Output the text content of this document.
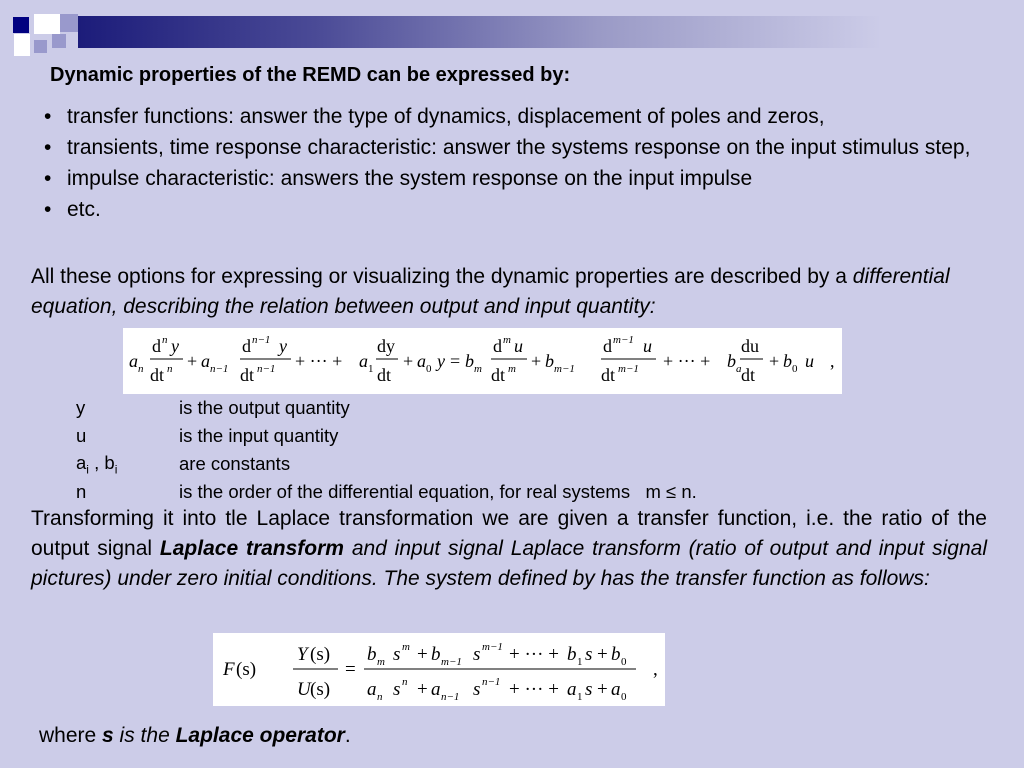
Dynamic properties of the REMD can be expressed by:
• transfer functions: answer the type of dynamics, displacement of poles and zeros,
• transients, time response characteristic: answer the systems response on the input stimulus step,
• impulse characteristic: answers the system response on the input impulse
• etc.

All these options for expressing or visualizing the dynamic properties are described by a differential equation, describing the relation between output and input quantity:

a n
d n y
dt n + a n−1
d n−1 y
dt n−1 + ··· + a 1
dy
dt
+ a 0 y = b m
d m u
dt m + b m−1
d m−1 u
dt m−1 + ··· + b a
du
dt
+ b 0 u ,
y	is the output quantity
u	is the input quantity
$a_i$ , $b_i$	are constants
n	is the order of the differential equation, for real systems   m ≤ n.

Transforming it into tle Laplace transformation we are given a transfer function, i.e. the ratio of the output signal Laplace transform and input signal Laplace transform (ratio of output and input signal pictures) under zero initial conditions. The system defined by has the transfer function as follows:

F (s)
Y (s)
U (s)
=
b m s m + b m−1 s m−1 + ··· + b 1 s + b 0
a n s n + a n−1 s n−1 + ··· + a 1 s + a 0
,
where s is the Laplace operator.
